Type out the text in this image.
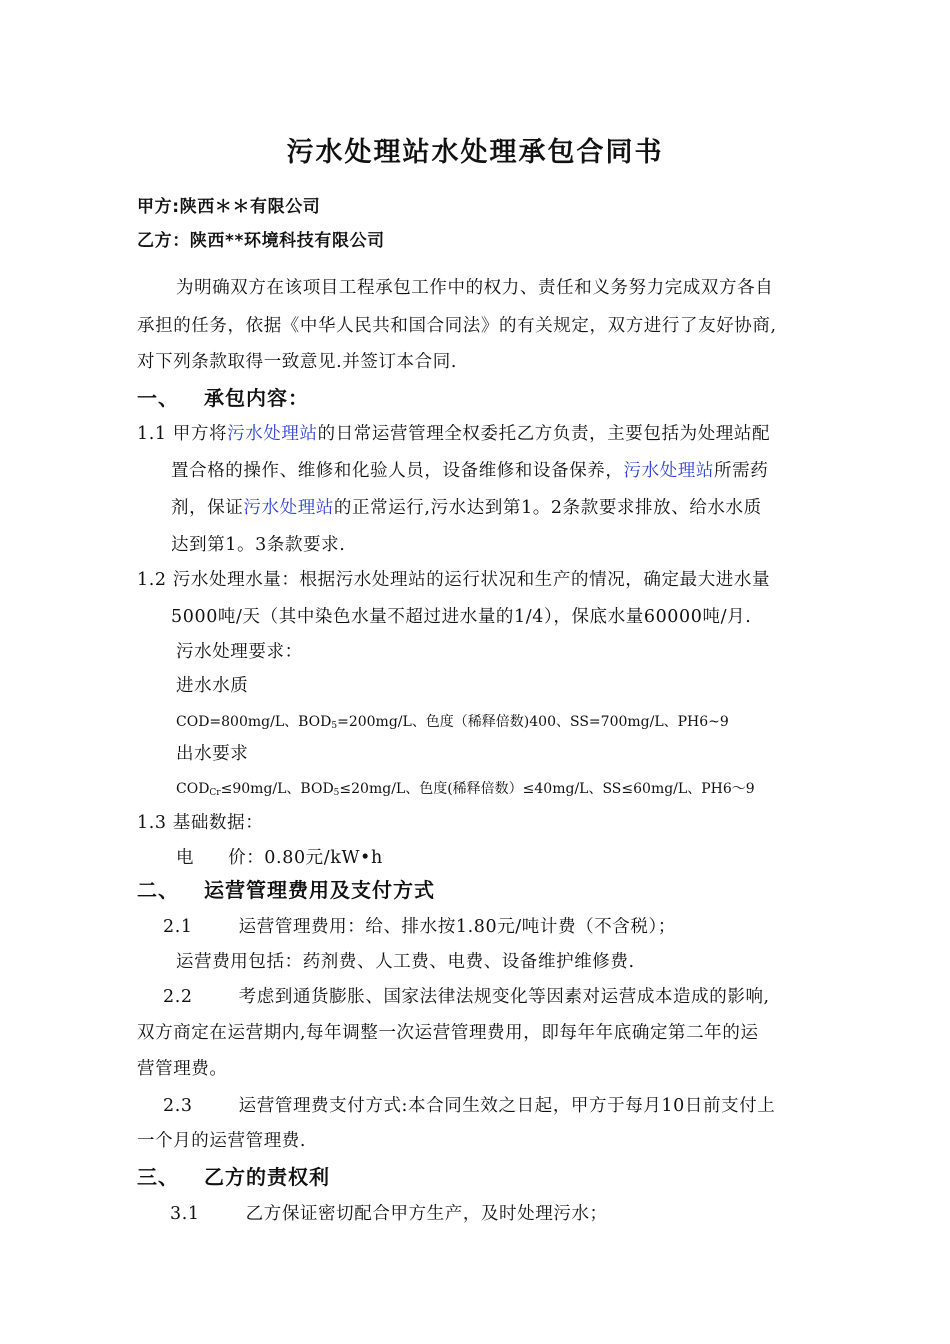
污水处理站水处理承包合同书
甲方:陕西＊＊有限公司
乙方：陕西**环境科技有限公司
为明确双方在该项目工程承包工作中的权力、责任和义务努力完成双方各自
承担的任务，依据《中华人民共和国合同法》的有关规定，双方进行了友好协商,
对下列条款取得一致意见.并签订本合同.
一、 承包内容：
1.1 甲方将污水处理站的日常运营管理全权委托乙方负责，主要包括为处理站配
置合格的操作、维修和化验人员，设备维修和设备保养，污水处理站所需药
剂，保证污水处理站的正常运行,污水达到第1。2条款要求排放、给水水质
达到第1。3条款要求.
1.2 污水处理水量：根据污水处理站的运行状况和生产的情况，确定最大进水量
5000吨/天（其中染色水量不超过进水量的1/4），保底水量60000吨/月.
污水处理要求：
进水水质
COD=800mg/L、$BOD_5=200mg/L$、色度（稀释倍数)400、SS=700mg/L、PH6~9
出水要求
$COD_{Cr}\le 90mg/L$、$BOD_5\le 20mg/L$、色度(稀释倍数）≤40mg/L、SS≤60mg/L、PH6～9
1.3 基础数据：
电 价：0.80元/kW•h
二、 运营管理费用及支付方式
2.1	运营管理费用：给、排水按1.80元/吨计费（不含税）；
运营费用包括：药剂费、人工费、电费、设备维护维修费.
2.2	考虑到通货膨胀、国家法律法规变化等因素对运营成本造成的影响,
双方商定在运营期内,每年调整一次运营管理费用，即每年年底确定第二年的运
营管理费。
2.3	运营管理费支付方式:本合同生效之日起，甲方于每月10日前支付上
一个月的运营管理费.
三、 乙方的责权利
3.1	乙方保证密切配合甲方生产，及时处理污水；
